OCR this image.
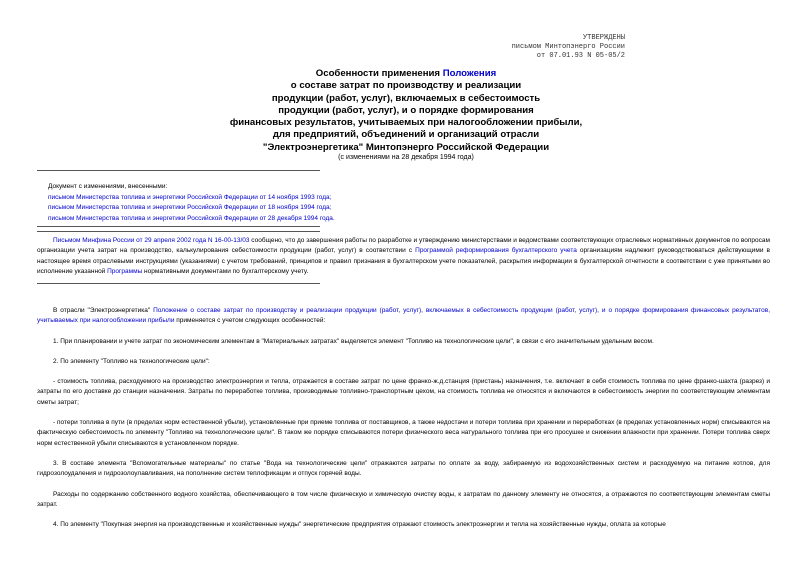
УТВЕРЖДЕНЫ
письмом Минтопэнерго России
от 07.01.93 N 05-05/2
Особенности применения Положения
о составе затрат по производству и реализации
продукции (работ, услуг), включаемых в себестоимость
продукции (работ, услуг), и о порядке формирования
финансовых результатов, учитываемых при налогообложении прибыли,
для предприятий, объединений и организаций отрасли
"Электроэнергетика" Минтопэнерго Российской Федерации
(с изменениями на 28 декабря 1994 года)
Документ с изменениями, внесенными:
письмом Министерства топлива и энергетики Российской Федерации от 14 ноября 1993 года;
письмом Министерства топлива и энергетики Российской Федерации от 18 ноября 1994 года;
письмом Министерства топлива и энергетики Российской Федерации от 28 декабря 1994 года.
Письмом Минфина России от 29 апреля 2002 года N 16-00-13/03 сообщено, что до завершения работы по разработке и утверждению министерствами и ведомствами соответствующих отраслевых нормативных документов по вопросам организации учета затрат на производство, калькулирования себестоимости продукции (работ, услуг) в соответствии с Программой реформирования бухгалтерского учета организациям надлежит руководствоваться действующими в настоящее время отраслевыми инструкциями (указаниями) с учетом требований, принципов и правил признания в бухгалтерском учете показателей, раскрытия информации в бухгалтерской отчетности в соответствии с уже принятыми во исполнение указанной Программы нормативными документами по бухгалтерскому учету.

В отрасли "Электроэнергетика" Положение о составе затрат по производству и реализации продукции (работ, услуг), включаемых в себестоимость продукции (работ, услуг), и о порядке формирования финансовых результатов, учитываемых при налогообложении прибыли применяется с учетом следующих особенностей:

1. При планировании и учете затрат по экономическим элементам в "Материальных затратах" выделяется элемент "Топливо на технологические цели", в связи с его значительным удельным весом.

2. По элементу "Топливо на технологические цели":

- стоимость топлива, расходуемого на производство электроэнергии и тепла, отражается в составе затрат по цене франко-ж.д.станция (пристань) назначения, т.е. включает в себя стоимость топлива по цене франко-шахта (разрез) и затраты по его доставке до станции назначения. Затраты по переработке топлива, производимые топливно-транспортным цехом, на стоимость топлива не относятся и включаются в себестоимость энергии по соответствующим элементам сметы затрат;

- потери топлива в пути (в пределах норм естественной убыли), установленные при приеме топлива от поставщиков, а также недостачи и потери топлива при хранении и переработках (в пределах установленных норм) списываются на фактическую себестоимость по элементу "Топливо на технологические цели". В таком же порядке списываются потери физического веса натурального топлива при его просушке и снижении влажности при хранении. Потери топлива сверх норм естественной убыли списываются в установленном порядке.

3. В составе элемента "Вспомогательные материалы" по статье "Вода на технологические цели" отражаются затраты по оплате за воду, забираемую из водохозяйственных систем и расходуемую на питание котлов, для гидрозолоудаления и гидрозолоулавливания, на пополнение систем теплофикации и отпуск горячей воды.

Расходы по содержанию собственного водного хозяйства, обеспечивающего в том числе физическую и химическую очистку воды, к затратам по данному элементу не относятся, а отражаются по соответствующим элементам сметы затрат.

4. По элементу "Покупная энергия на производственные и хозяйственные нужды" энергетические предприятия отражают стоимость электроэнергии и тепла на хозяйственные нужды, оплата за которые
